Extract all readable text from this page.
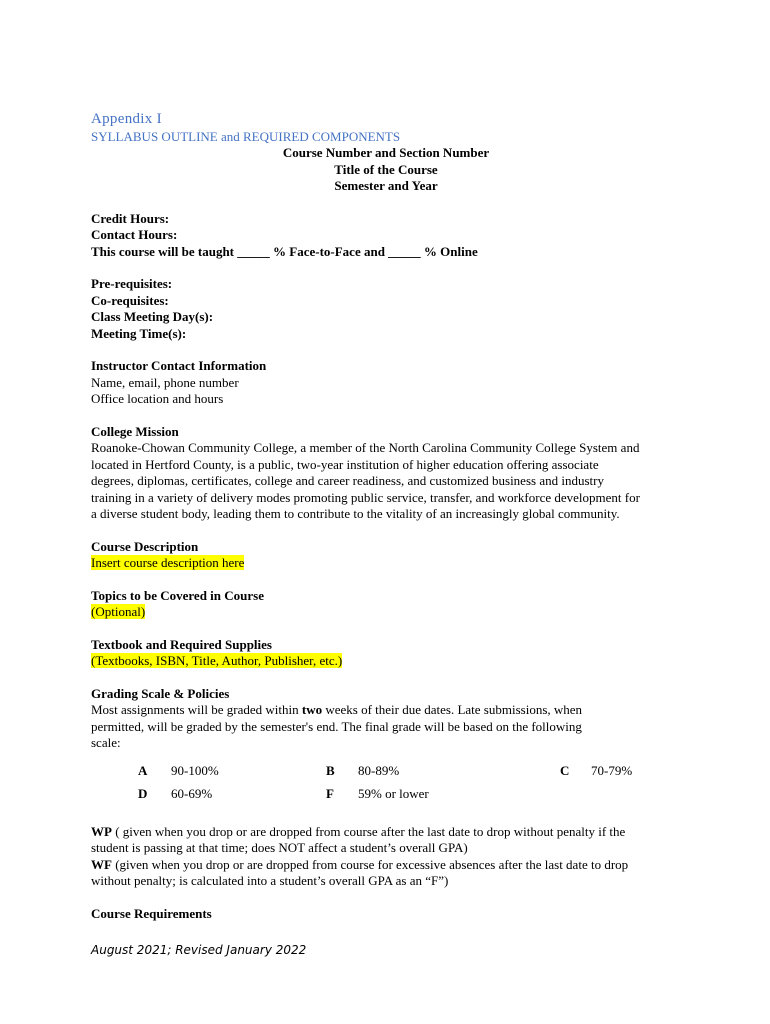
Appendix I
SYLLABUS OUTLINE and REQUIRED COMPONENTS
Course Number and Section Number
Title of the Course
Semester and Year
Credit Hours:
Contact Hours:
This course will be taught _____ % Face-to-Face and _____ % Online
Pre-requisites:
Co-requisites:
Class Meeting Day(s):
Meeting Time(s):
Instructor Contact Information
Name, email, phone number
Office location and hours
College Mission
Roanoke-Chowan Community College, a member of the North Carolina Community College System and
located in Hertford County, is a public, two-year institution of higher education offering associate
degrees, diplomas, certificates, college and career readiness, and customized business and industry
training in a variety of delivery modes promoting public service, transfer, and workforce development for
a diverse student body, leading them to contribute to the vitality of an increasingly global community.
Course Description
Insert course description here
Topics to be Covered in Course
(Optional)
Textbook and Required Supplies
(Textbooks, ISBN, Title, Author, Publisher, etc.)
Grading Scale & Policies
Most assignments will be graded within two weeks of their due dates. Late submissions, when
permitted, will be graded by the semester's end. The final grade will be based on the following
scale:
A 90-100%	B 80-89%	C 70-79%
D 60-69%	F 59% or lower
WP ( given when you drop or are dropped from course after the last date to drop without penalty if the
student is passing at that time; does NOT affect a student’s overall GPA)
WF (given when you drop or are dropped from course for excessive absences after the last date to drop
without penalty; is calculated into a student’s overall GPA as an “F”)
Course Requirements
August 2021; Revised January 2022
